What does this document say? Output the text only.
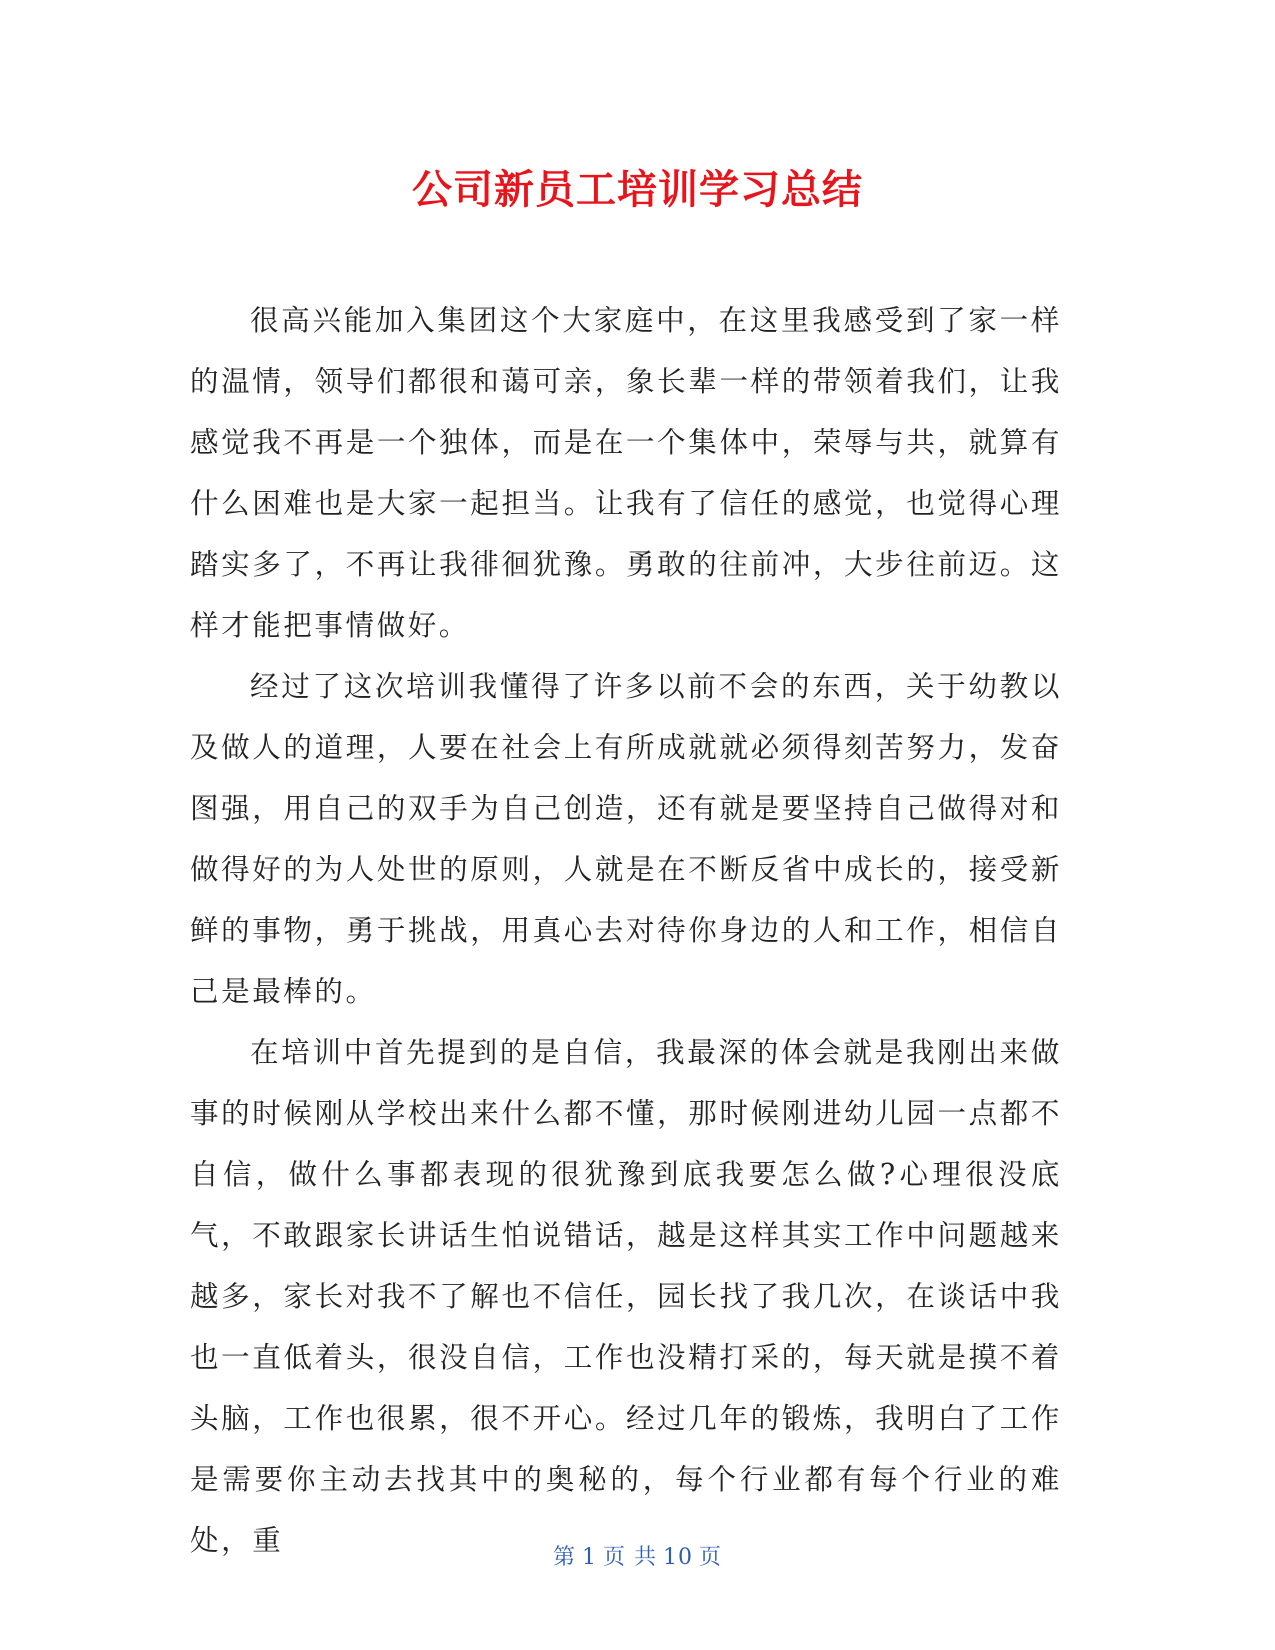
公司新员工培训学习总结

很高兴能加入集团这个大家庭中，在这里我感受到了家一样的温情，领导们都很和蔼可亲，象长辈一样的带领着我们，让我感觉我不再是一个独体，而是在一个集体中，荣辱与共，就算有什么困难也是大家一起担当。让我有了信任的感觉，也觉得心理踏实多了，不再让我徘徊犹豫。勇敢的往前冲，大步往前迈。这样才能把事情做好。

经过了这次培训我懂得了许多以前不会的东西，关于幼教以及做人的道理，人要在社会上有所成就就必须得刻苦努力，发奋图强，用自己的双手为自己创造，还有就是要坚持自己做得对和做得好的为人处世的原则，人就是在不断反省中成长的，接受新鲜的事物，勇于挑战，用真心去对待你身边的人和工作，相信自己是最棒的。

在培训中首先提到的是自信，我最深的体会就是我刚出来做事的时候刚从学校出来什么都不懂，那时候刚进幼儿园一点都不自信，做什么事都表现的很犹豫到底我要怎么做?心理很没底气，不敢跟家长讲话生怕说错话，越是这样其实工作中问题越来越多，家长对我不了解也不信任，园长找了我几次，在谈话中我也一直低着头，很没自信，工作也没精打采的，每天就是摸不着头脑，工作也很累，很不开心。经过几年的锻炼，我明白了工作是需要你主动去找其中的奥秘的，每个行业都有每个行业的难处，重

第 1 页 共 10 页
